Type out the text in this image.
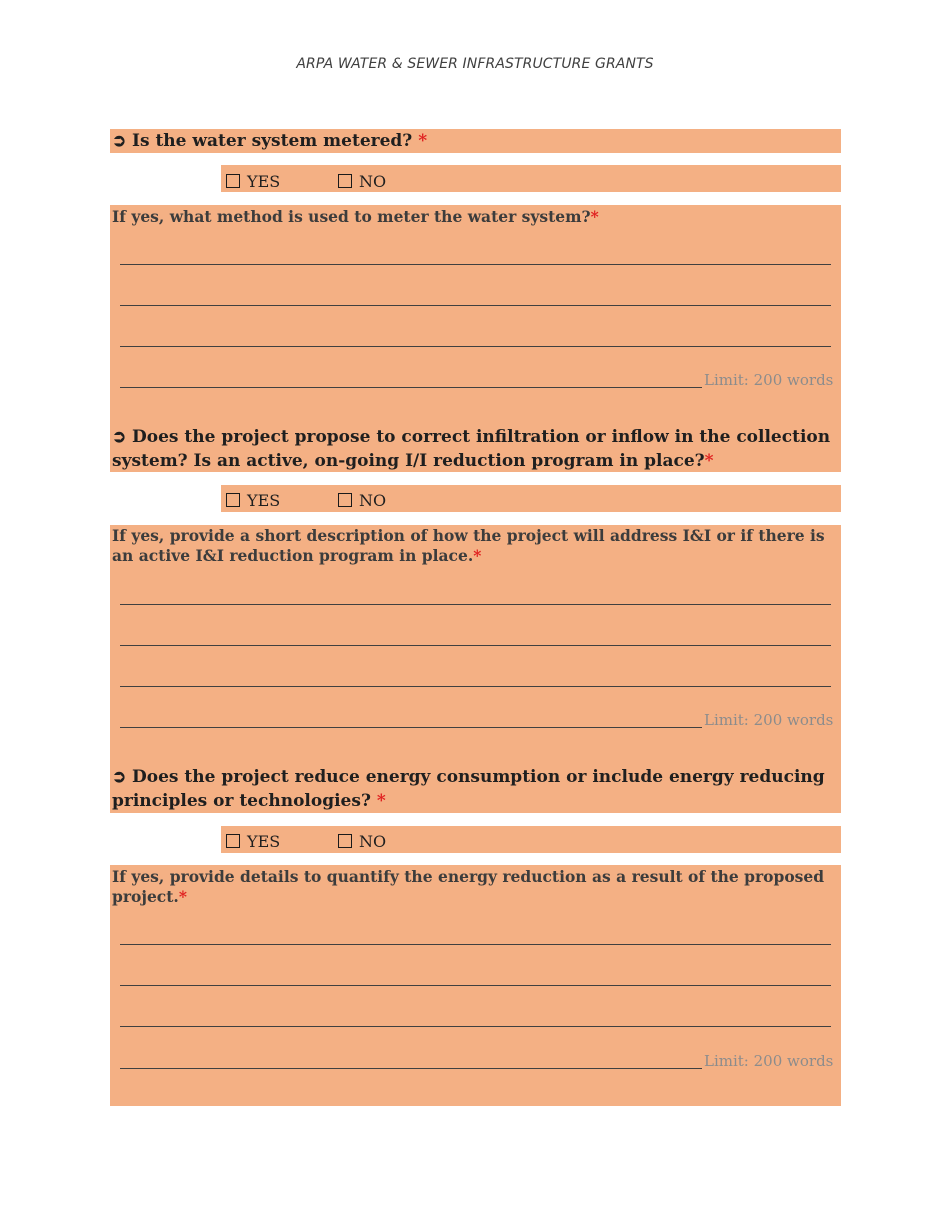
ARPA WATER & SEWER INFRASTRUCTURE GRANTS
➲ Is the water system metered? *
YES	NO
If yes, what method is used to meter the water system?*
Limit: 200 words
➲ Does the project propose to correct infiltration or inflow in the collection system? Is an active, on-going I/I reduction program in place?*
YES	NO
If yes, provide a short description of how the project will address I&I or if there is an active I&I reduction program in place.*
Limit: 200 words
➲ Does the project reduce energy consumption or include energy reducing principles or technologies? *
YES	NO
If yes, provide details to quantify the energy reduction as a result of the proposed project.*
Limit: 200 words
